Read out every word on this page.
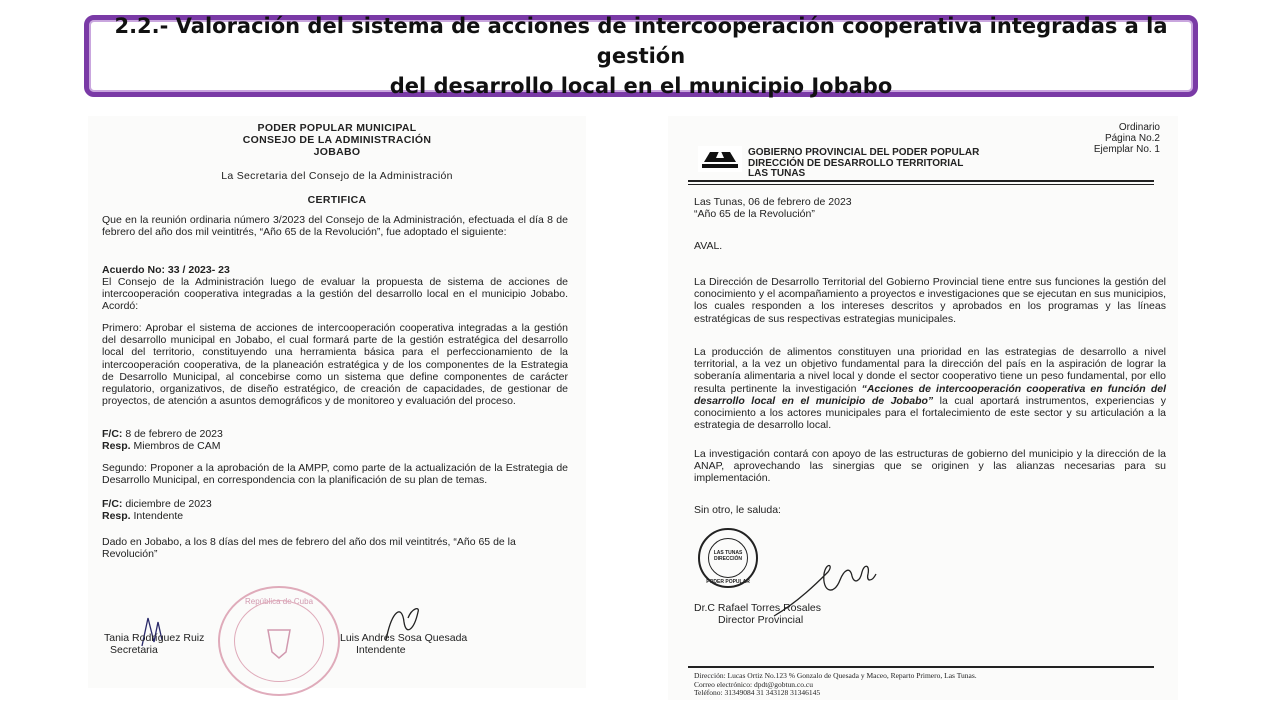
2.2.- Valoración del sistema de acciones de intercooperación cooperativa integradas a la gestión
del desarrollo local en el municipio Jobabo
PODER POPULAR MUNICIPAL
CONSEJO DE LA ADMINISTRACIÓN
JOBABO
La Secretaria del Consejo de la Administración
CERTIFICA

Que en la reunión ordinaria número 3/2023 del Consejo de la Administración, efectuada el día 8 de febrero del año dos mil veintitrés, “Año 65 de la Revolución”, fue adoptado el siguiente:

Acuerdo No: 33 / 2023- 23

El Consejo de la Administración luego de evaluar la propuesta de sistema de acciones de intercooperación cooperativa integradas a la gestión del desarrollo local en el municipio Jobabo. Acordó:

Primero: Aprobar el sistema de acciones de intercooperación cooperativa integradas a la gestión del desarrollo municipal en Jobabo, el cual formará parte de la gestión estratégica del desarrollo local del territorio, constituyendo una herramienta básica para el perfeccionamiento de la intercooperación cooperativa, de la planeación estratégica y de los componentes de la Estrategia de Desarrollo Municipal, al concebirse como un sistema que define componentes de carácter regulatorio, organizativos, de diseño estratégico, de creación de capacidades, de gestionar de proyectos, de atención a asuntos demográficos y de monitoreo y evaluación del proceso.

F/C: 8 de febrero de 2023

Resp. Miembros de CAM

Segundo: Proponer a la aprobación de la AMPP, como parte de la actualización de la Estrategia de Desarrollo Municipal, en correspondencia con la planificación de su plan de temas.

F/C: diciembre de 2023

Resp. Intendente

Dado en Jobabo, a los 8 días del mes de febrero del año dos mil veintitrés, “Año 65 de la Revolución”

República de Cuba
Tania Rodríguez Ruiz
Secretaria
Luis Andrés Sosa Quesada
Intendente
Ordinario
Página No.2
Ejemplar No. 1
GOBIERNO PROVINCIAL DEL PODER POPULAR
DIRECCIÓN DE DESARROLLO TERRITORIAL
LAS TUNAS

Las Tunas, 06 de febrero de 2023

“Año 65 de la Revolución”

AVAL.

La Dirección de Desarrollo Territorial del Gobierno Provincial tiene entre sus funciones la gestión del conocimiento y el acompañamiento a proyectos e investigaciones que se ejecutan en sus municipios, los cuales responden a los intereses descritos y aprobados en los programas y las líneas estratégicas de sus respectivas estrategias municipales.

La producción de alimentos constituyen una prioridad en las estrategias de desarrollo a nivel territorial, a la vez un objetivo fundamental para la dirección del país en la aspiración de lograr la soberanía alimentaria a nivel local y donde el sector cooperativo tiene un peso fundamental, por ello resulta pertinente la investigación “Acciones de intercooperación cooperativa en función del desarrollo local en el municipio de Jobabo” la cual aportará instrumentos, experiencias y conocimiento a los actores municipales para el fortalecimiento de este sector y su articulación a la estrategia de desarrollo local.

La investigación contará con apoyo de las estructuras de gobierno del municipio y la dirección de la ANAP, aprovechando las sinergias que se originen y las alianzas necesarias para su implementación.

Sin otro, le saluda:

LAS TUNAS DIRECCIÓN
PODER POPULAR
Dr.C Rafael Torres Rosales
Director Provincial
Dirección: Lucas Ortiz No.123 % Gonzalo de Quesada y Maceo, Reparto Primero, Las Tunas.
Correo electrónico: dpdt@gobtun.co.cu
Teléfono: 31349084 31 343128 31346145
